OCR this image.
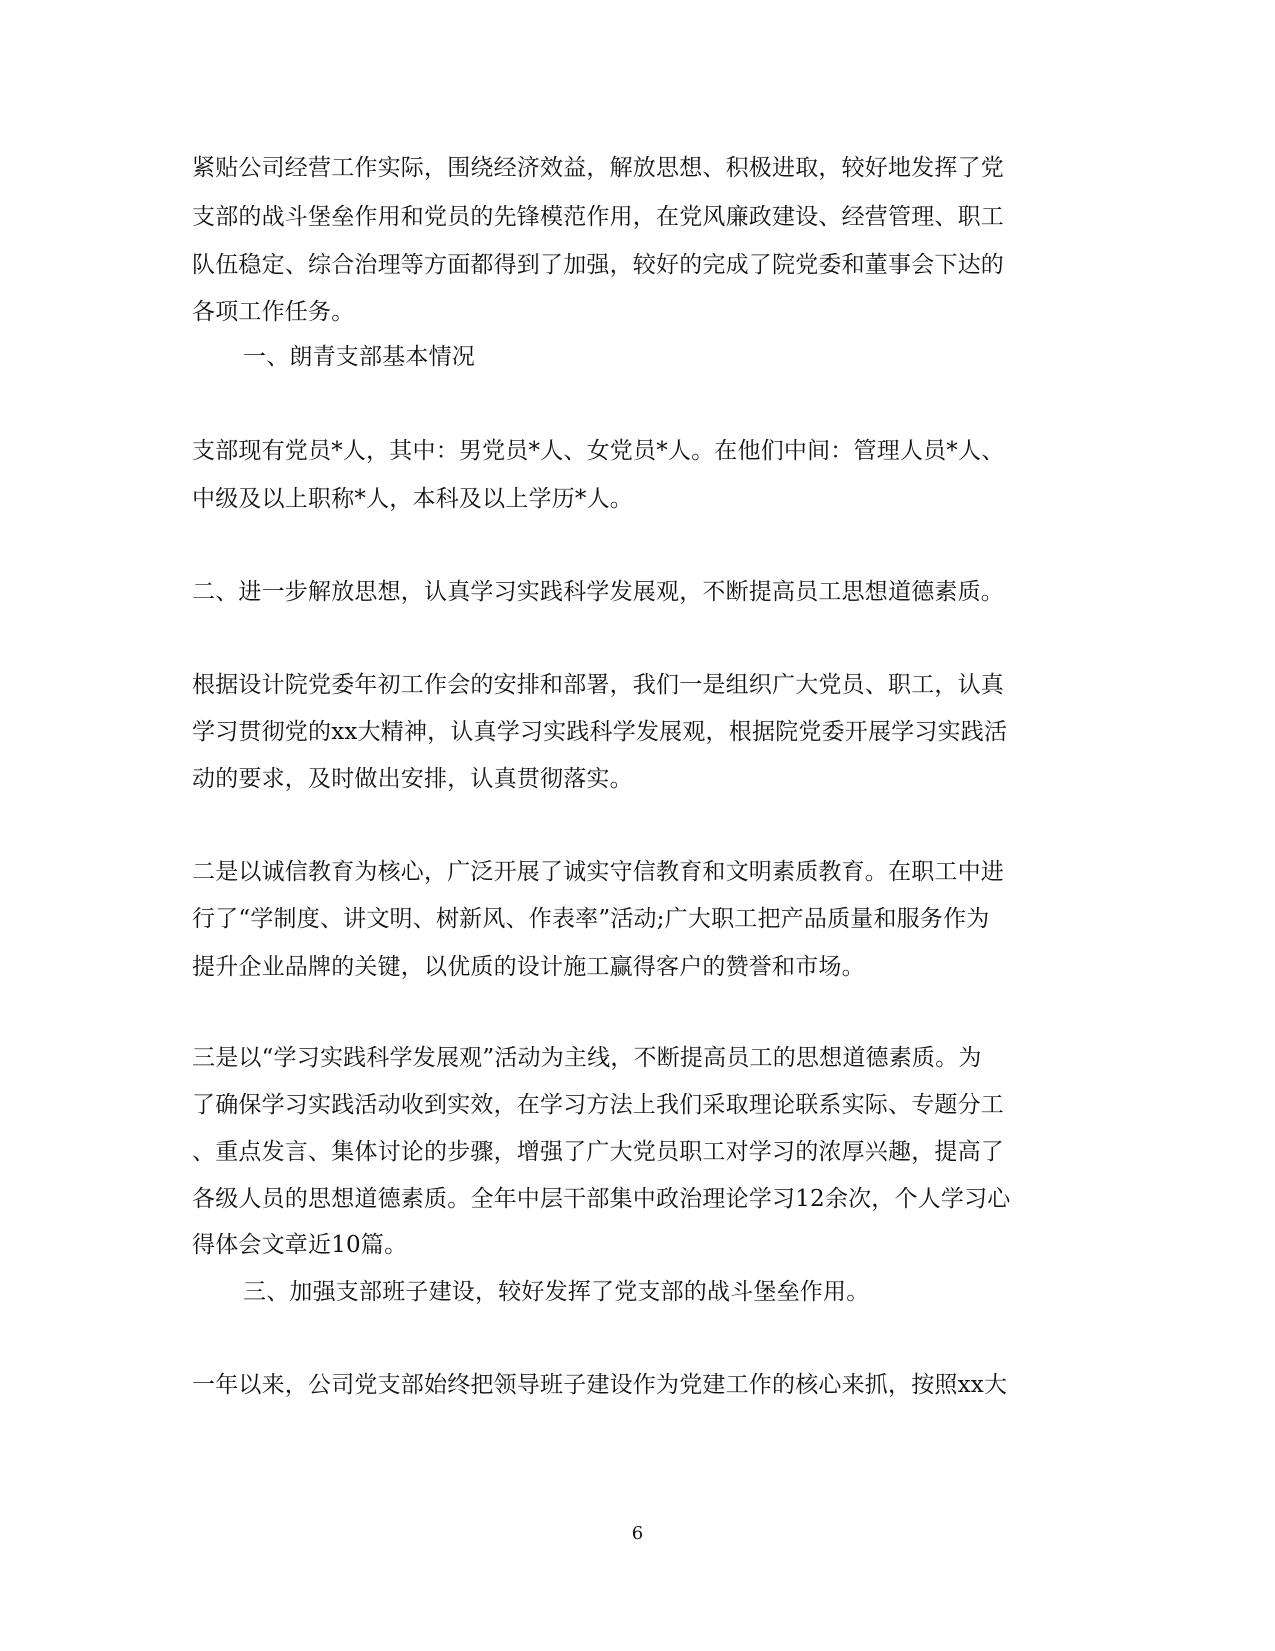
紧贴公司经营工作实际，围绕经济效益，解放思想、积极进取，较好地发挥了党
支部的战斗堡垒作用和党员的先锋模范作用，在党风廉政建设、经营管理、职工
队伍稳定、综合治理等方面都得到了加强，较好的完成了院党委和董事会下达的
各项工作任务。
一、朗青支部基本情况
支部现有党员*人，其中：男党员*人、女党员*人。在他们中间：管理人员*人、
中级及以上职称*人，本科及以上学历*人。
二、进一步解放思想，认真学习实践科学发展观，不断提高员工思想道德素质。
根据设计院党委年初工作会的安排和部署，我们一是组织广大党员、职工，认真
学习贯彻党的xx大精神，认真学习实践科学发展观，根据院党委开展学习实践活
动的要求，及时做出安排，认真贯彻落实。
二是以诚信教育为核心，广泛开展了诚实守信教育和文明素质教育。在职工中进
行了“学制度、讲文明、树新风、作表率”活动;广大职工把产品质量和服务作为
提升企业品牌的关键，以优质的设计施工赢得客户的赞誉和市场。
三是以“学习实践科学发展观”活动为主线，不断提高员工的思想道德素质。为
了确保学习实践活动收到实效，在学习方法上我们采取理论联系实际、专题分工
、重点发言、集体讨论的步骤，增强了广大党员职工对学习的浓厚兴趣，提高了
各级人员的思想道德素质。全年中层干部集中政治理论学习12余次，个人学习心
得体会文章近10篇。
三、加强支部班子建设，较好发挥了党支部的战斗堡垒作用。
一年以来，公司党支部始终把领导班子建设作为党建工作的核心来抓，按照xx大
6
